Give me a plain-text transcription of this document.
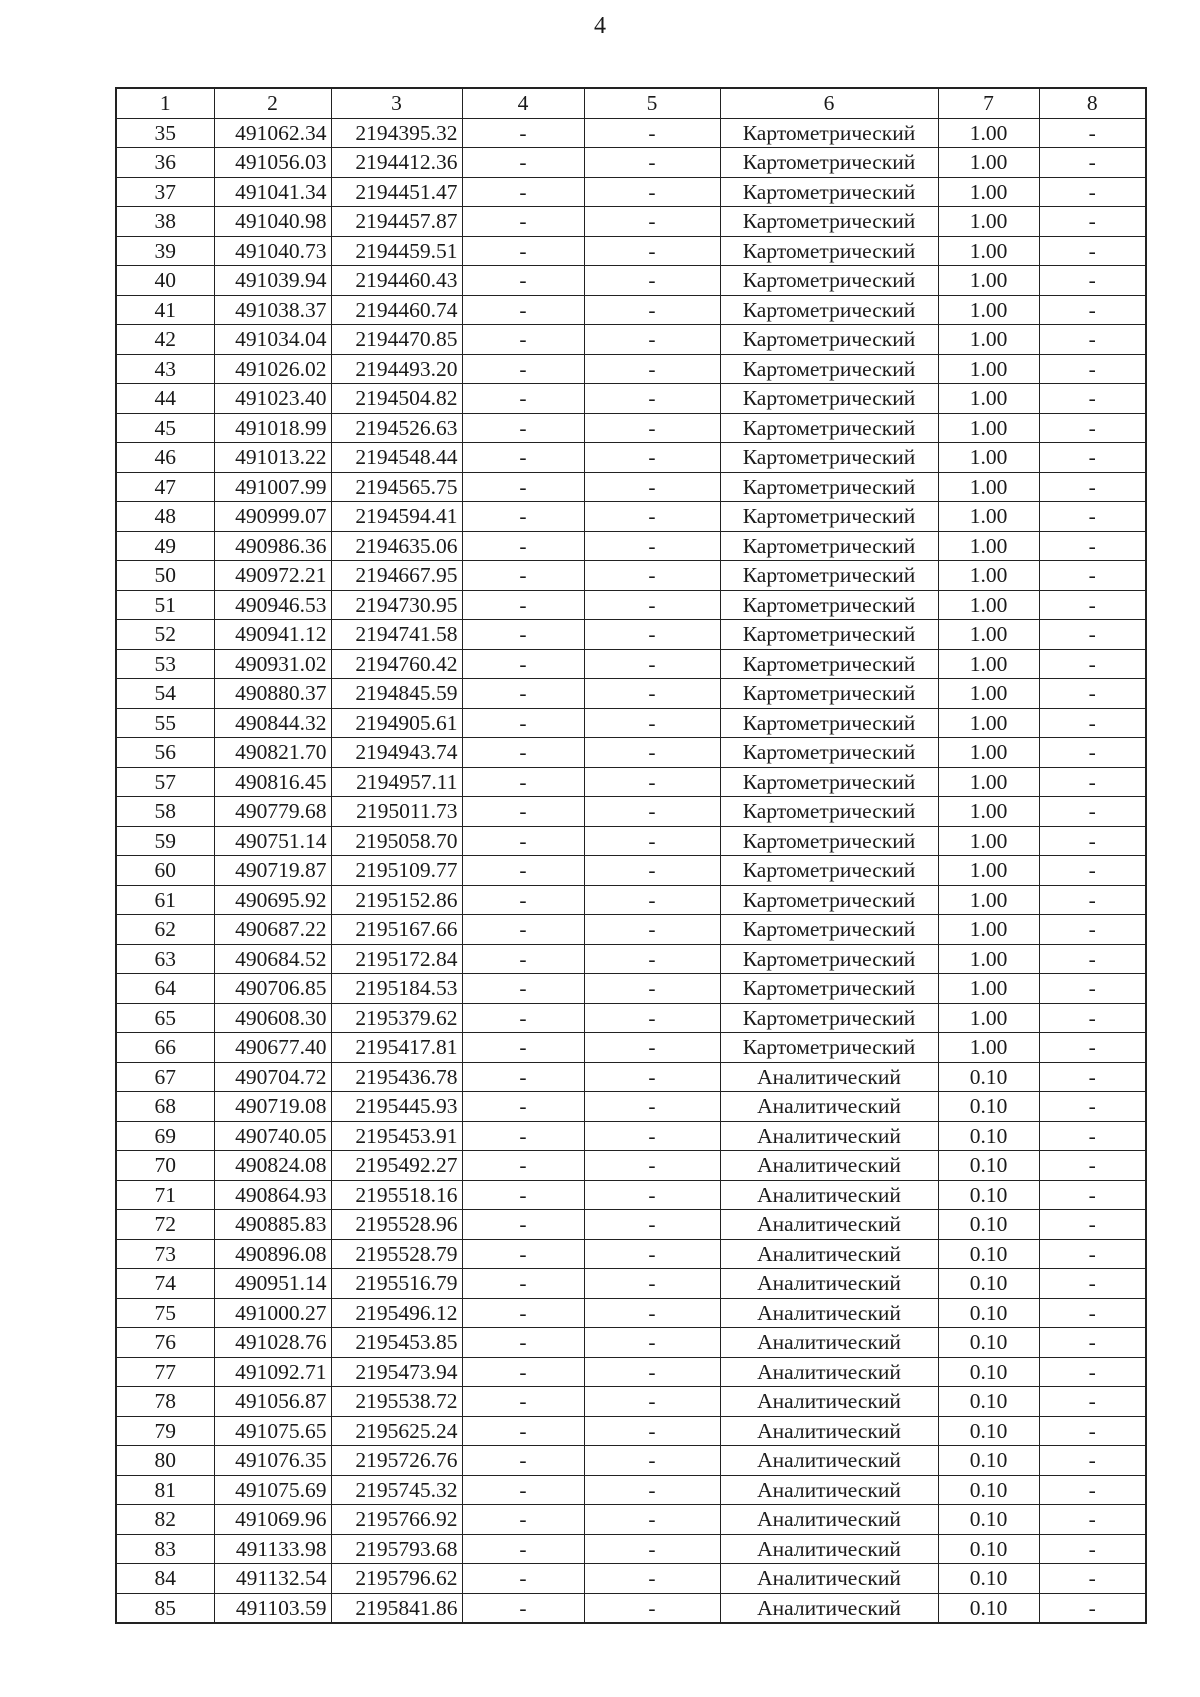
4
1	2	3	4	5	6	7	8
35	491062.34	2194395.32	-	-	Картометрический	1.00	-
36	491056.03	2194412.36	-	-	Картометрический	1.00	-
37	491041.34	2194451.47	-	-	Картометрический	1.00	-
38	491040.98	2194457.87	-	-	Картометрический	1.00	-
39	491040.73	2194459.51	-	-	Картометрический	1.00	-
40	491039.94	2194460.43	-	-	Картометрический	1.00	-
41	491038.37	2194460.74	-	-	Картометрический	1.00	-
42	491034.04	2194470.85	-	-	Картометрический	1.00	-
43	491026.02	2194493.20	-	-	Картометрический	1.00	-
44	491023.40	2194504.82	-	-	Картометрический	1.00	-
45	491018.99	2194526.63	-	-	Картометрический	1.00	-
46	491013.22	2194548.44	-	-	Картометрический	1.00	-
47	491007.99	2194565.75	-	-	Картометрический	1.00	-
48	490999.07	2194594.41	-	-	Картометрический	1.00	-
49	490986.36	2194635.06	-	-	Картометрический	1.00	-
50	490972.21	2194667.95	-	-	Картометрический	1.00	-
51	490946.53	2194730.95	-	-	Картометрический	1.00	-
52	490941.12	2194741.58	-	-	Картометрический	1.00	-
53	490931.02	2194760.42	-	-	Картометрический	1.00	-
54	490880.37	2194845.59	-	-	Картометрический	1.00	-
55	490844.32	2194905.61	-	-	Картометрический	1.00	-
56	490821.70	2194943.74	-	-	Картометрический	1.00	-
57	490816.45	2194957.11	-	-	Картометрический	1.00	-
58	490779.68	2195011.73	-	-	Картометрический	1.00	-
59	490751.14	2195058.70	-	-	Картометрический	1.00	-
60	490719.87	2195109.77	-	-	Картометрический	1.00	-
61	490695.92	2195152.86	-	-	Картометрический	1.00	-
62	490687.22	2195167.66	-	-	Картометрический	1.00	-
63	490684.52	2195172.84	-	-	Картометрический	1.00	-
64	490706.85	2195184.53	-	-	Картометрический	1.00	-
65	490608.30	2195379.62	-	-	Картометрический	1.00	-
66	490677.40	2195417.81	-	-	Картометрический	1.00	-
67	490704.72	2195436.78	-	-	Аналитический	0.10	-
68	490719.08	2195445.93	-	-	Аналитический	0.10	-
69	490740.05	2195453.91	-	-	Аналитический	0.10	-
70	490824.08	2195492.27	-	-	Аналитический	0.10	-
71	490864.93	2195518.16	-	-	Аналитический	0.10	-
72	490885.83	2195528.96	-	-	Аналитический	0.10	-
73	490896.08	2195528.79	-	-	Аналитический	0.10	-
74	490951.14	2195516.79	-	-	Аналитический	0.10	-
75	491000.27	2195496.12	-	-	Аналитический	0.10	-
76	491028.76	2195453.85	-	-	Аналитический	0.10	-
77	491092.71	2195473.94	-	-	Аналитический	0.10	-
78	491056.87	2195538.72	-	-	Аналитический	0.10	-
79	491075.65	2195625.24	-	-	Аналитический	0.10	-
80	491076.35	2195726.76	-	-	Аналитический	0.10	-
81	491075.69	2195745.32	-	-	Аналитический	0.10	-
82	491069.96	2195766.92	-	-	Аналитический	0.10	-
83	491133.98	2195793.68	-	-	Аналитический	0.10	-
84	491132.54	2195796.62	-	-	Аналитический	0.10	-
85	491103.59	2195841.86	-	-	Аналитический	0.10	-
